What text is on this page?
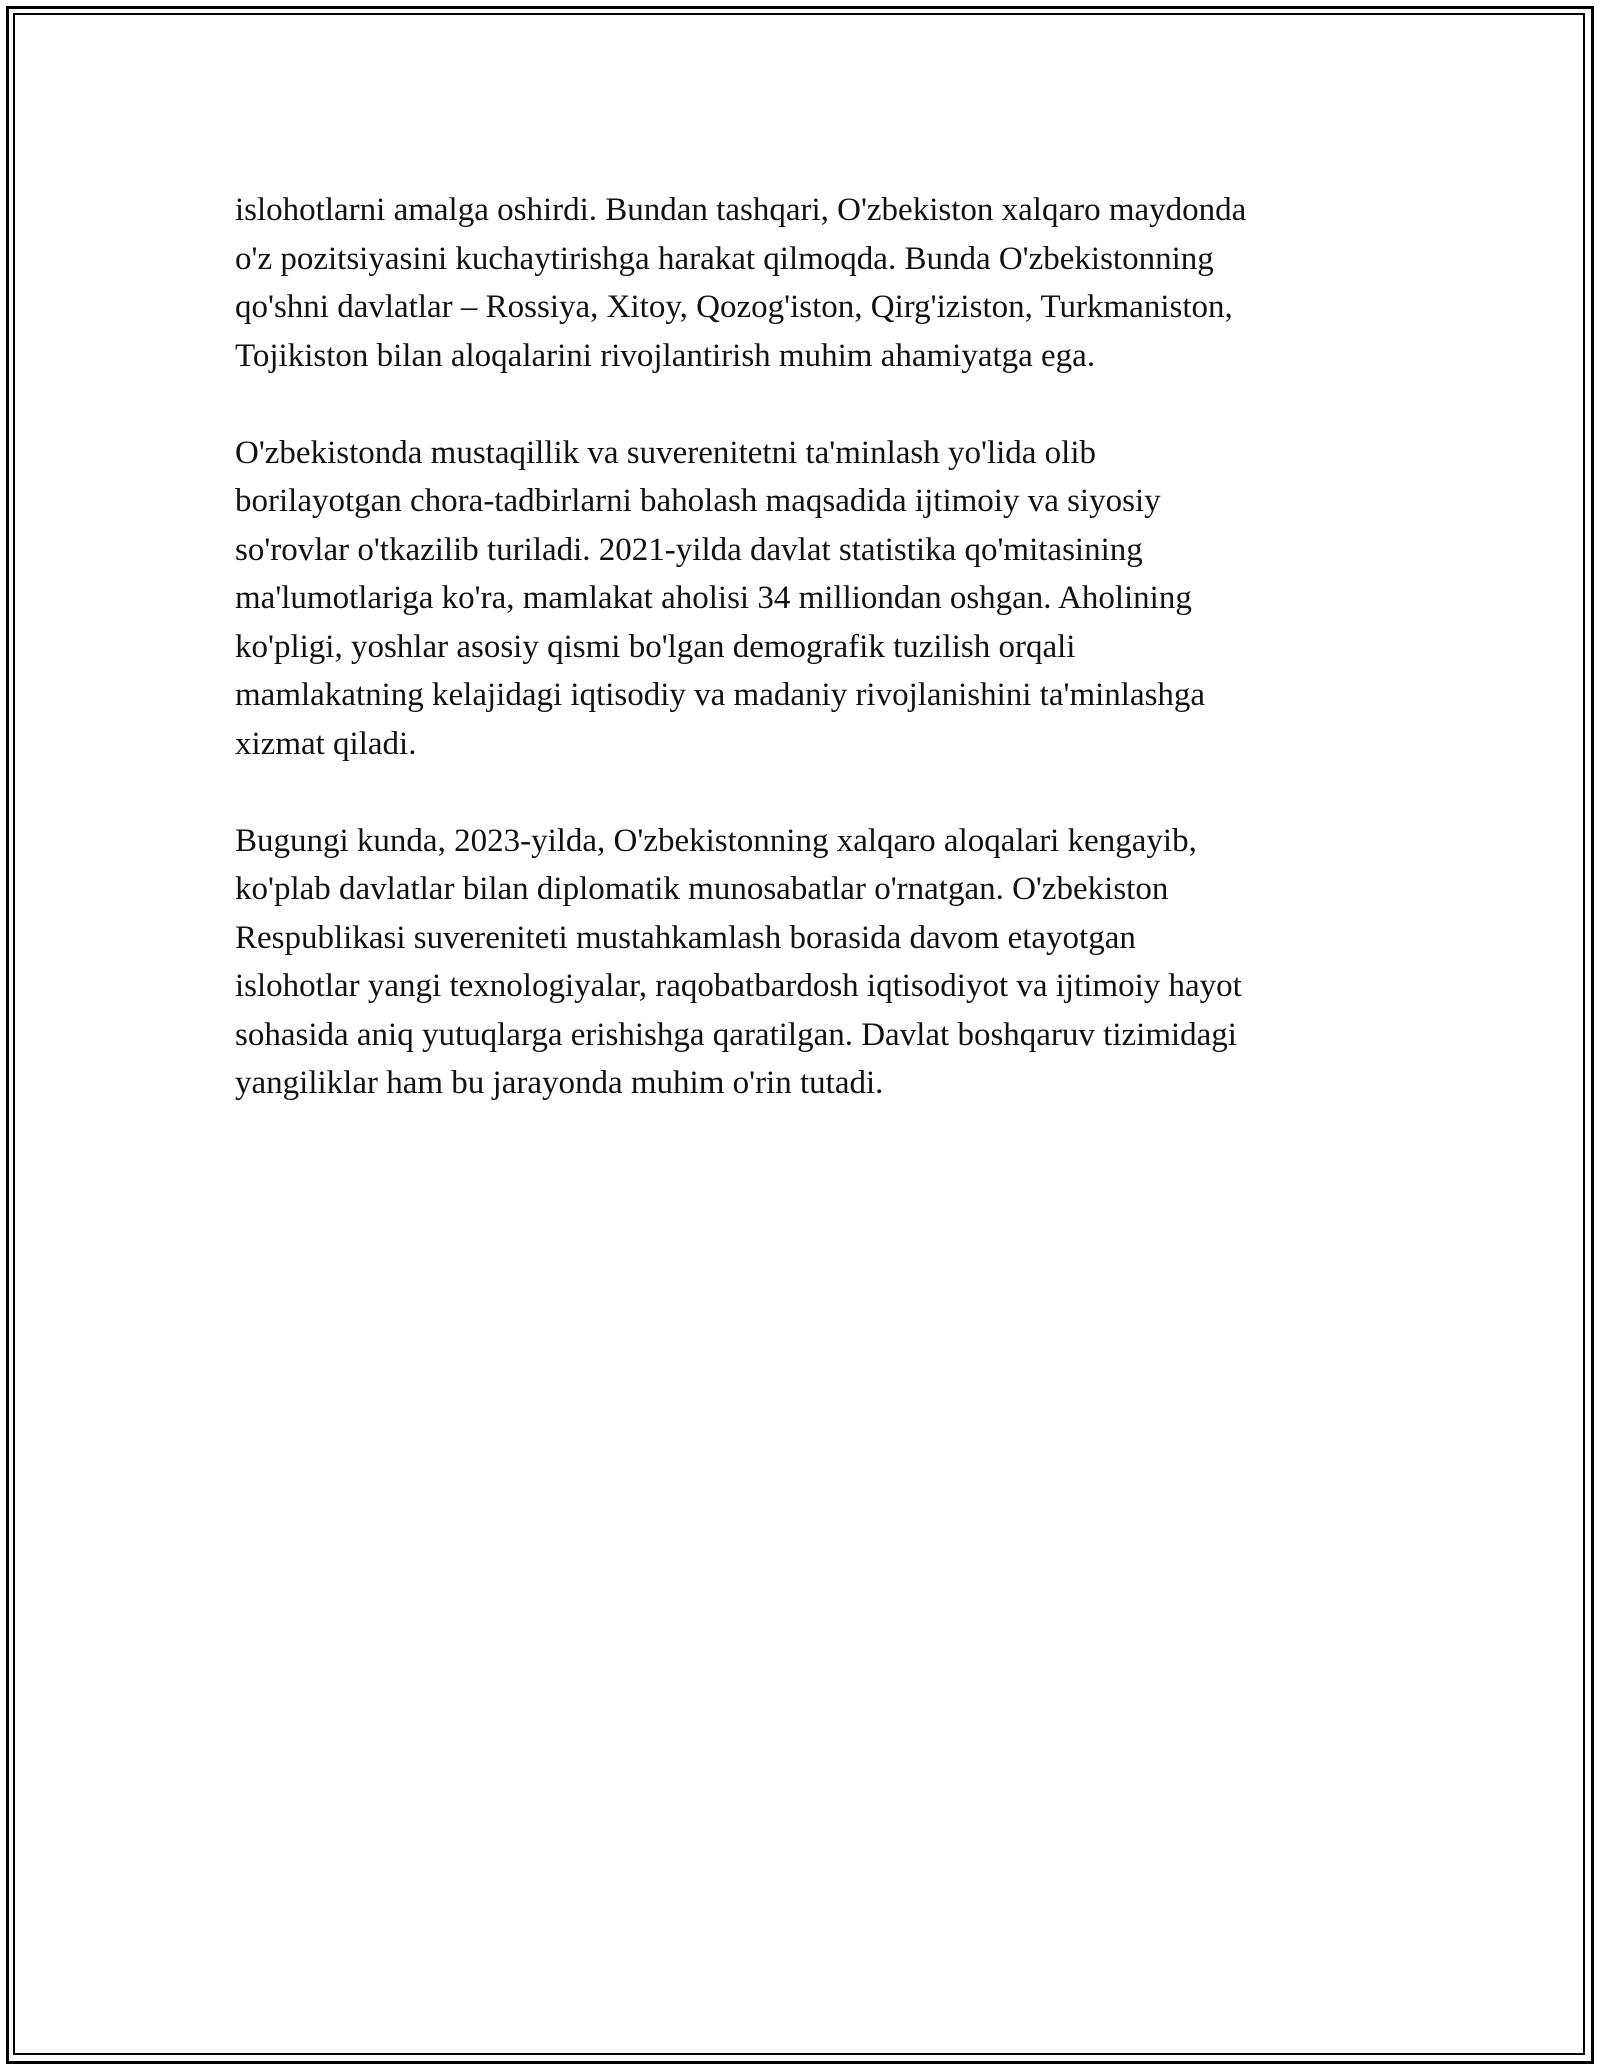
islohotlarni amalga oshirdi. Bundan tashqari, O'zbekiston xalqaro maydonda
o'z pozitsiyasini kuchaytirishga harakat qilmoqda. Bunda O'zbekistonning
qo'shni davlatlar – Rossiya, Xitoy, Qozog'iston, Qirg'iziston, Turkmaniston,
Tojikiston bilan aloqalarini rivojlantirish muhim ahamiyatga ega.

O'zbekistonda mustaqillik va suverenitetni ta'minlash yo'lida olib
borilayotgan chora-tadbirlarni baholash maqsadida ijtimoiy va siyosiy
so'rovlar o'tkazilib turiladi. 2021-yilda davlat statistika qo'mitasining
ma'lumotlariga ko'ra, mamlakat aholisi 34 milliondan oshgan. Aholining
ko'pligi, yoshlar asosiy qismi bo'lgan demografik tuzilish orqali
mamlakatning kelajidagi iqtisodiy va madaniy rivojlanishini ta'minlashga
xizmat qiladi.

Bugungi kunda, 2023-yilda, O'zbekistonning xalqaro aloqalari kengayib,
ko'plab davlatlar bilan diplomatik munosabatlar o'rnatgan. O'zbekiston
Respublikasi suvereniteti mustahkamlash borasida davom etayotgan
islohotlar yangi texnologiyalar, raqobatbardosh iqtisodiyot va ijtimoiy hayot
sohasida aniq yutuqlarga erishishga qaratilgan. Davlat boshqaruv tizimidagi
yangiliklar ham bu jarayonda muhim o'rin tutadi.
